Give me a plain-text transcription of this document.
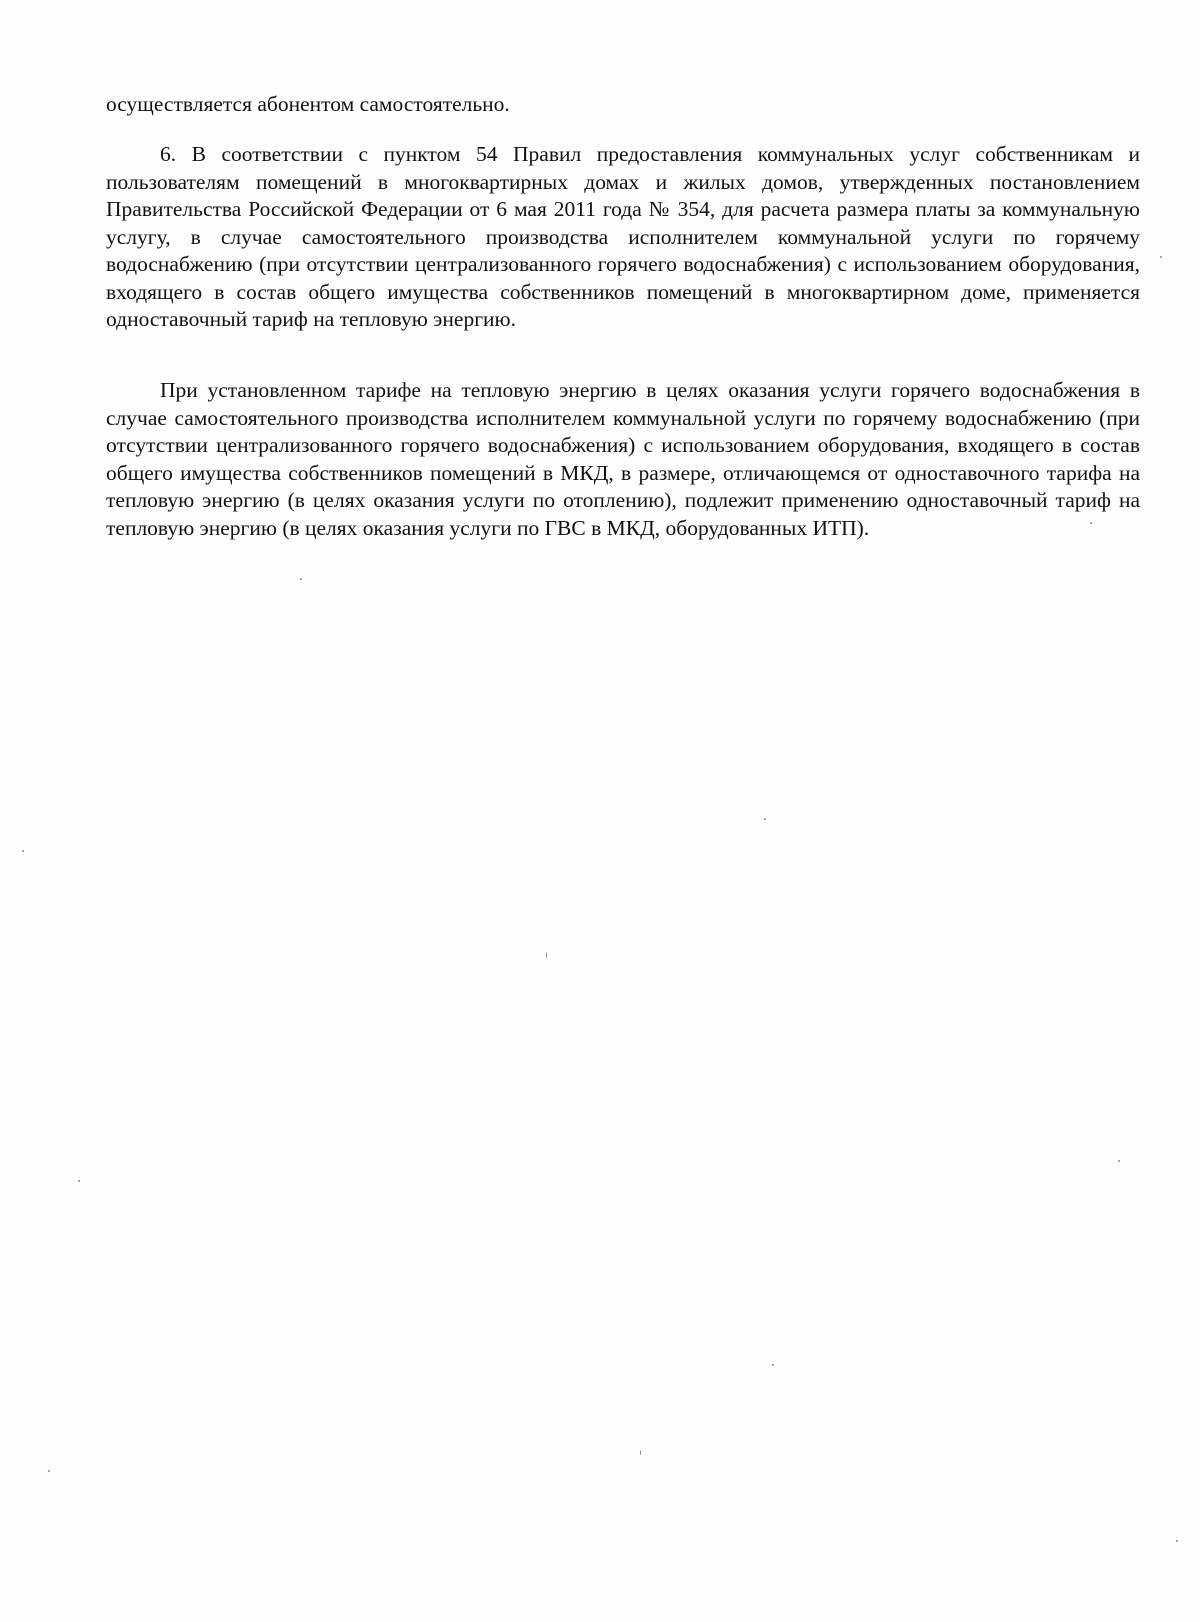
осуществляется абонентом самостоятельно.

6. В соответствии с пунктом 54 Правил предоставления коммунальных услуг собственникам и пользователям помещений в многоквартирных домах и жилых домов, утвержденных постановлением Правительства Российской Федерации от 6 мая 2011 года № 354, для расчета размера платы за коммунальную услугу, в случае самостоятельного производства исполнителем коммунальной услуги по горячему водоснабжению (при отсутствии централизованного горячего водоснабжения) с использованием оборудования, входящего в состав общего имущества собственников помещений в многоквартирном доме, применяется одноставочный тариф на тепловую энергию.

При установленном тарифе на тепловую энергию в целях оказания услуги горячего водоснабжения в случае самостоятельного производства исполнителем коммунальной услуги по горячему водоснабжению (при отсутствии централизованного горячего водоснабжения) с использованием оборудования, входящего в состав общего имущества собственников помещений в МКД, в размере, отличающемся от одноставочного тарифа на тепловую энергию (в целях оказания услуги по отоплению), подлежит применению одноставочный тариф на тепловую энергию (в целях оказания услуги по ГВС в МКД, оборудованных ИТП).
